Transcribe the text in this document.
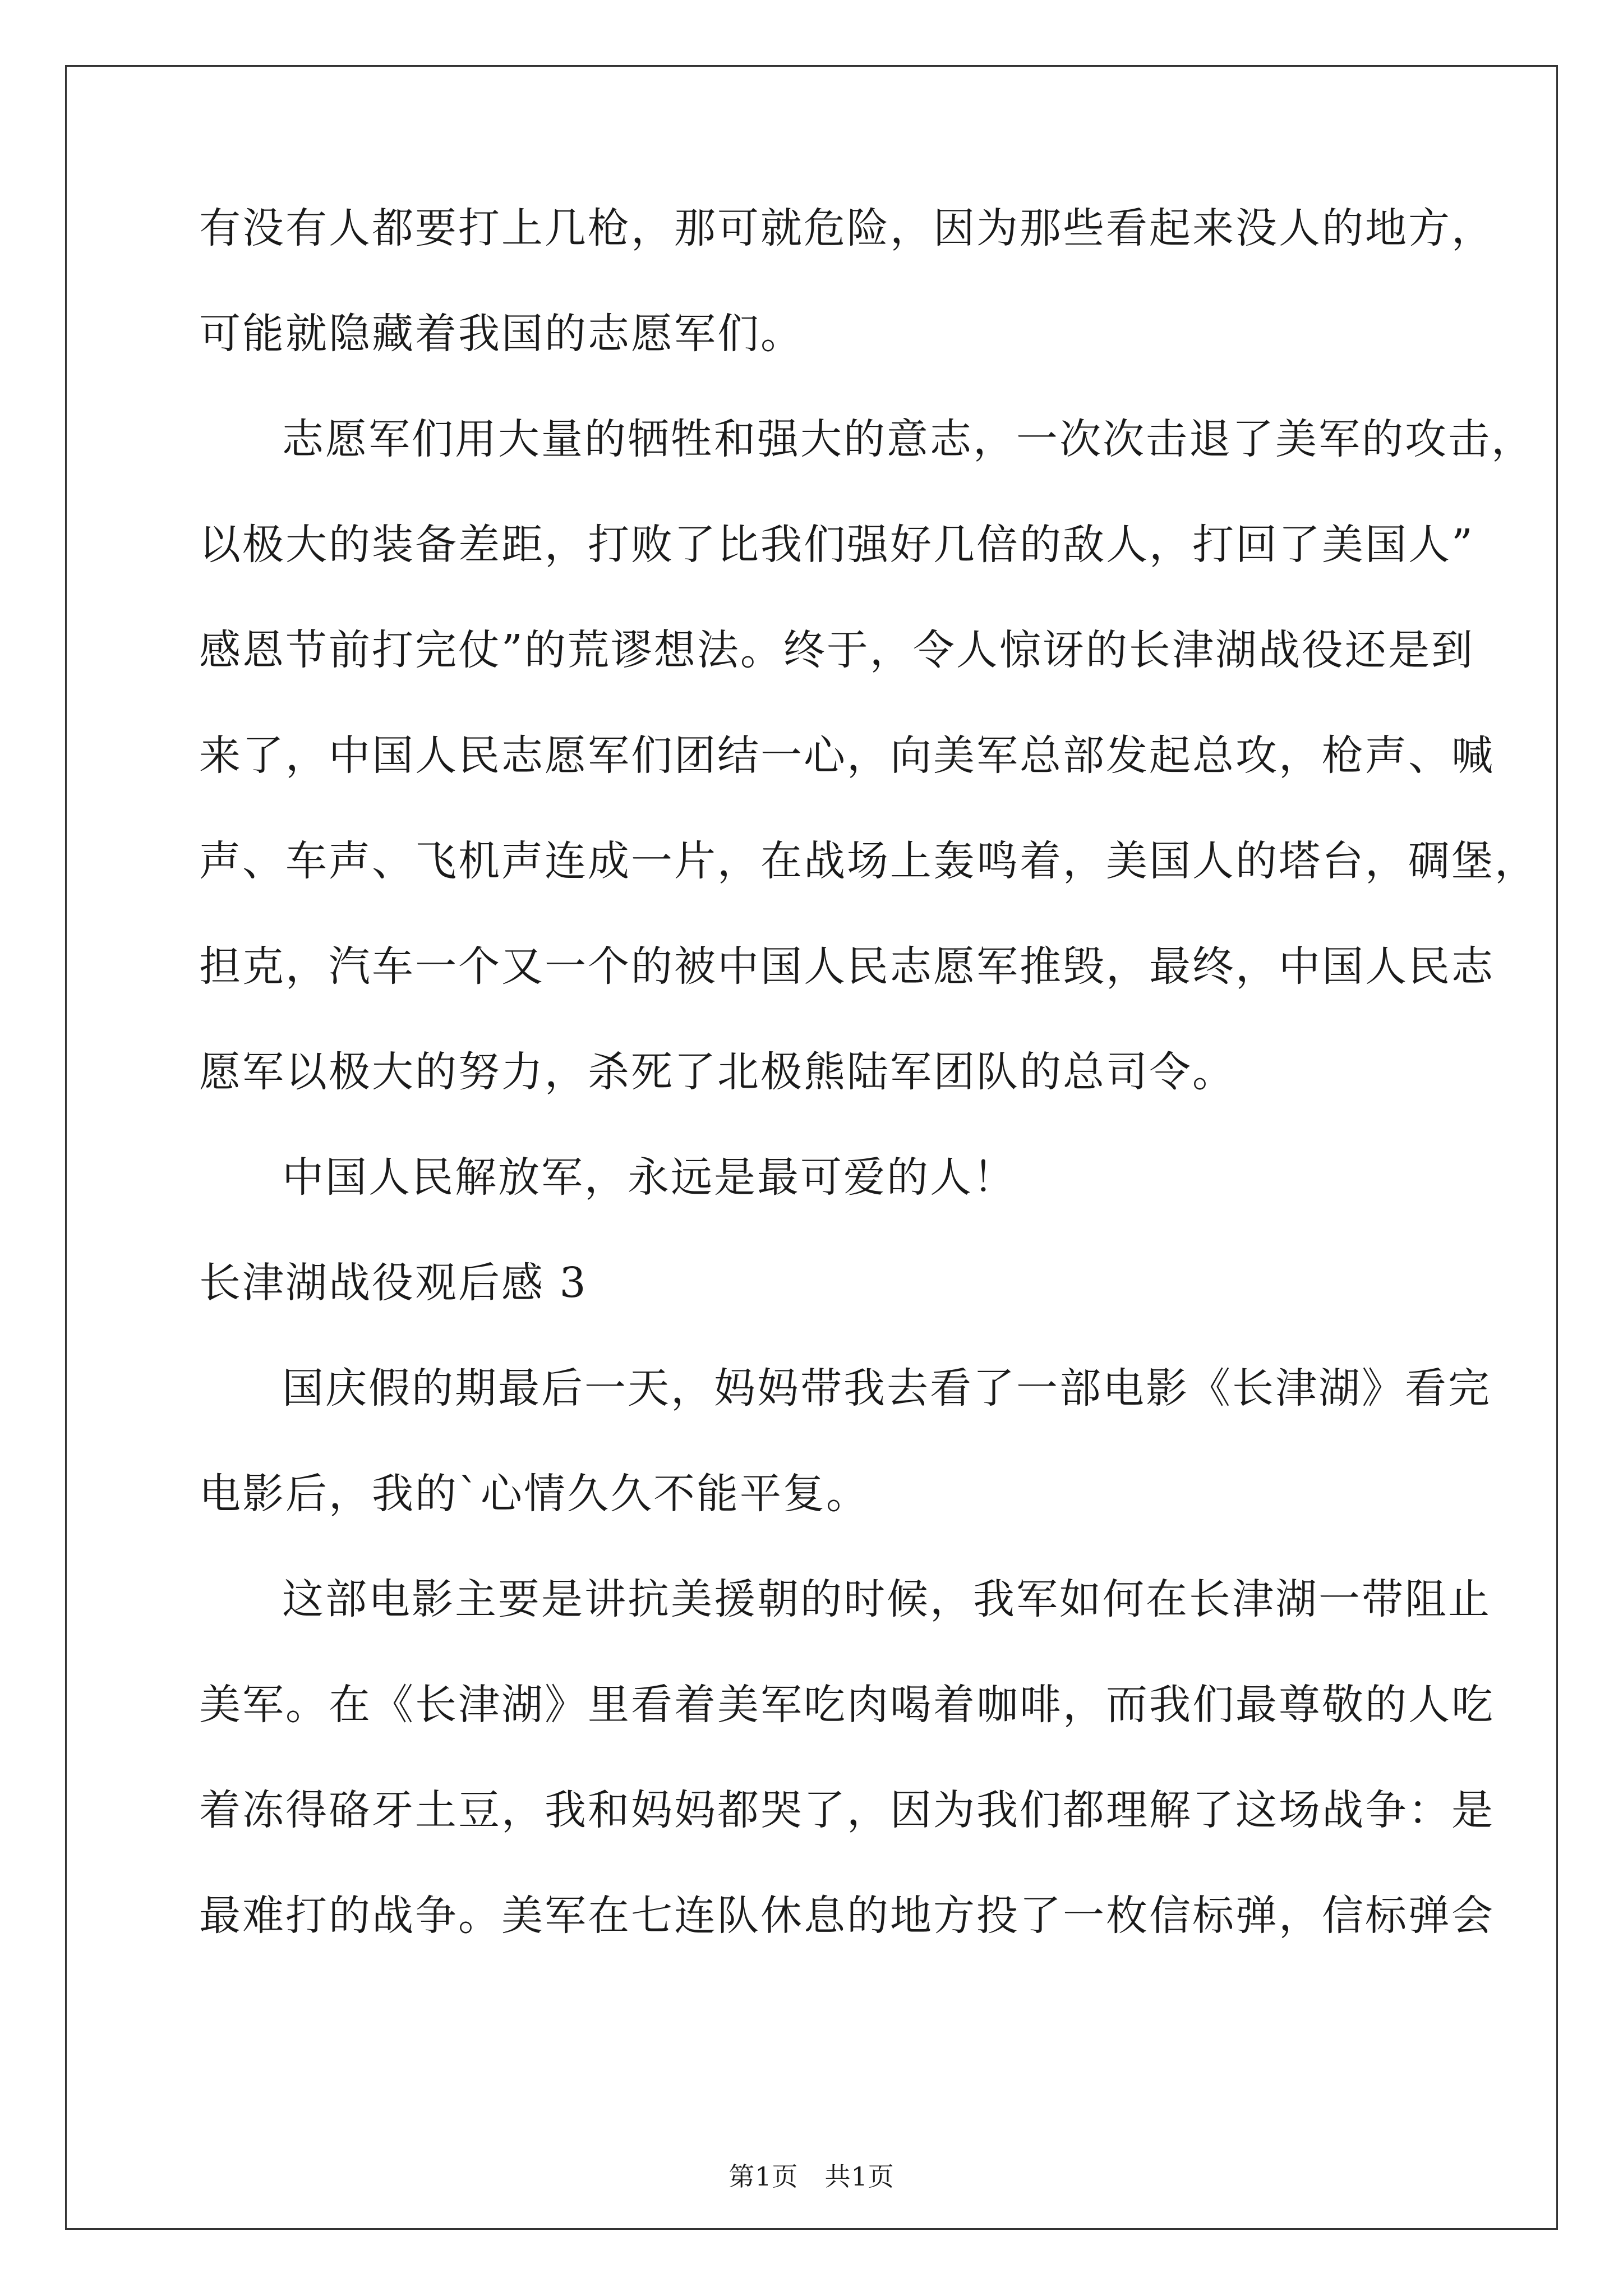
有没有人都要打上几枪，那可就危险，因为那些看起来没人的地方，
可能就隐藏着我国的志愿军们。
志愿军们用大量的牺牲和强大的意志，一次次击退了美军的攻击，
以极大的装备差距，打败了比我们强好几倍的敌人，打回了美国人”
感恩节前打完仗”的荒谬想法。终于，令人惊讶的长津湖战役还是到
来了，中国人民志愿军们团结一心，向美军总部发起总攻，枪声、喊
声、车声、飞机声连成一片，在战场上轰鸣着，美国人的塔台，碉堡，
担克，汽车一个又一个的被中国人民志愿军推毁，最终，中国人民志
愿军以极大的努力，杀死了北极熊陆军团队的总司令。
中国人民解放军，永远是最可爱的人！
长津湖战役观后感 3
国庆假的期最后一天，妈妈带我去看了一部电影《长津湖》看完
电影后，我的`心情久久不能平复。
这部电影主要是讲抗美援朝的时候，我军如何在长津湖一带阻止
美军。在《长津湖》里看着美军吃肉喝着咖啡，而我们最尊敬的人吃
着冻得硌牙土豆，我和妈妈都哭了，因为我们都理解了这场战争：是
最难打的战争。美军在七连队休息的地方投了一枚信标弹，信标弹会
第1页　共1页
